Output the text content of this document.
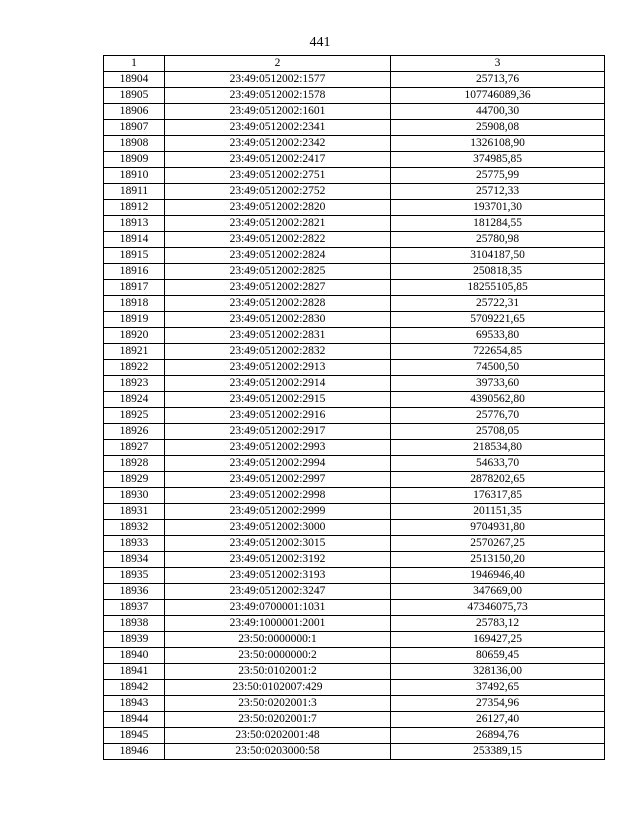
441
1	2	3
18904	23:49:0512002:1577	25713,76
18905	23:49:0512002:1578	107746089,36
18906	23:49:0512002:1601	44700,30
18907	23:49:0512002:2341	25908,08
18908	23:49:0512002:2342	1326108,90
18909	23:49:0512002:2417	374985,85
18910	23:49:0512002:2751	25775,99
18911	23:49:0512002:2752	25712,33
18912	23:49:0512002:2820	193701,30
18913	23:49:0512002:2821	181284,55
18914	23:49:0512002:2822	25780,98
18915	23:49:0512002:2824	3104187,50
18916	23:49:0512002:2825	250818,35
18917	23:49:0512002:2827	18255105,85
18918	23:49:0512002:2828	25722,31
18919	23:49:0512002:2830	5709221,65
18920	23:49:0512002:2831	69533,80
18921	23:49:0512002:2832	722654,85
18922	23:49:0512002:2913	74500,50
18923	23:49:0512002:2914	39733,60
18924	23:49:0512002:2915	4390562,80
18925	23:49:0512002:2916	25776,70
18926	23:49:0512002:2917	25708,05
18927	23:49:0512002:2993	218534,80
18928	23:49:0512002:2994	54633,70
18929	23:49:0512002:2997	2878202,65
18930	23:49:0512002:2998	176317,85
18931	23:49:0512002:2999	201151,35
18932	23:49:0512002:3000	9704931,80
18933	23:49:0512002:3015	2570267,25
18934	23:49:0512002:3192	2513150,20
18935	23:49:0512002:3193	1946946,40
18936	23:49:0512002:3247	347669,00
18937	23:49:0700001:1031	47346075,73
18938	23:49:1000001:2001	25783,12
18939	23:50:0000000:1	169427,25
18940	23:50:0000000:2	80659,45
18941	23:50:0102001:2	328136,00
18942	23:50:0102007:429	37492,65
18943	23:50:0202001:3	27354,96
18944	23:50:0202001:7	26127,40
18945	23:50:0202001:48	26894,76
18946	23:50:0203000:58	253389,15
